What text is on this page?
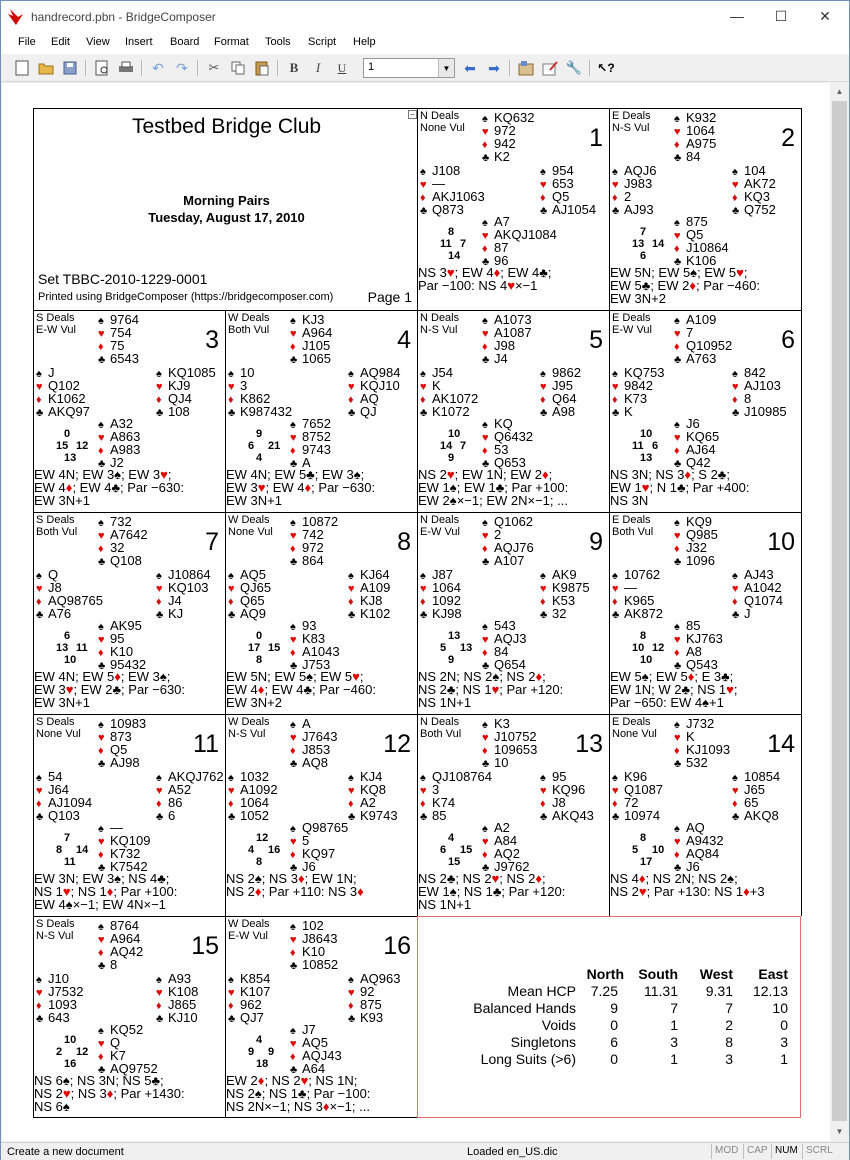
handrecord.pbn - BridgeComposer	— ☐ ✕
File Edit View Insert Board Format Tools Script Help
↶ ↷ ✂	B I U	1	▼ ⬅ ➡	🔧 ↖?
Testbed Bridge Club
Morning Pairs
Tuesday, August 17, 2010
Set TBBC-2010-1229-0001
Printed using BridgeComposer (https://bridgecomposer.com) Page 1
− N Deals
None Vul	1
♠ KQ632
♥ 972
♦ 942
♣ K2
♠ J108
♥ —
♦ AKJ1063
♣ Q873
♠ 954
♥ 653
♦ Q5
♣ AJ1054
♠ A7
♥ AKQJ1084
♦ 87
♣ 96
8
11 7
14
NS 3♥; EW 4♦; EW 4♣;
Par −100: NS 4♥×−1
E Deals
N-S Vul	2
♠ K932
♥ 1064
♦ A975
♣ 84
♠ AQJ6
♥ J983
♦ 2
♣ AJ93
♠ 104
♥ AK72
♦ KQ3
♣ Q752
♠ 875
♥ Q5
♦ J10864
♣ K106
7
13 14
6
EW 5N; EW 5♠; EW 5♥;
EW 5♣; EW 2♦; Par −460:
EW 3N+2
S Deals
E-W Vul	3
♠ 9764
♥ 754
♦ 75
♣ 6543
♠ J
♥ Q102
♦ K1062
♣ AKQ97
♠ KQ1085
♥ KJ9
♦ QJ4
♣ 108
♠ A32
♥ A863
♦ A983
♣ J2
0
15 12
13
EW 4N; EW 3♠; EW 3♥;
EW 4♦; EW 4♣; Par −630:
EW 3N+1
W Deals
Both Vul	4
♠ KJ3
♥ A964
♦ J105
♣ 1065
♠ 10
♥ 3
♦ K862
♣ K987432
♠ AQ984
♥ KQJ10
♦ AQ
♣ QJ
♠ 7652
♥ 8752
♦ 9743
♣ A
9
6 21
4
EW 4N; EW 5♣; EW 3♠;
EW 3♥; EW 4♦; Par −630:
EW 3N+1
N Deals
N-S Vul	5
♠ A1073
♥ A1087
♦ J98
♣ J4
♠ J54
♥ K
♦ AK1072
♣ K1072
♠ 9862
♥ J95
♦ Q64
♣ A98
♠ KQ
♥ Q6432
♦ 53
♣ Q653
10
14 7
9
NS 2♥; EW 1N; EW 2♦;
EW 1♠; EW 1♣; Par +100:
EW 2♠×−1; EW 2N×−1; ...
E Deals
E-W Vul	6
♠ A109
♥ 7
♦ Q10952
♣ A763
♠ KQ753
♥ 9842
♦ K73
♣ K
♠ 842
♥ AJ103
♦ 8
♣ J10985
♠ J6
♥ KQ65
♦ AJ64
♣ Q42
10
11 6
13
NS 3N; NS 3♦; S 2♣;
EW 1♥; N 1♣; Par +400:
NS 3N
S Deals
Both Vul	7
♠ 732
♥ A7642
♦ 32
♣ Q108
♠ Q
♥ J8
♦ AQ98765
♣ A76
♠ J10864
♥ KQ103
♦ J4
♣ KJ
♠ AK95
♥ 95
♦ K10
♣ 95432
6
13 11
10
EW 4N; EW 5♦; EW 3♠;
EW 3♥; EW 2♣; Par −630:
EW 3N+1
W Deals
None Vul	8
♠ 10872
♥ 742
♦ 972
♣ 864
♠ AQ5
♥ QJ65
♦ Q65
♣ AQ9
♠ KJ64
♥ A109
♦ KJ8
♣ K102
♠ 93
♥ K83
♦ A1043
♣ J753
0
17 15
8
EW 5N; EW 5♠; EW 5♥;
EW 4♦; EW 4♣; Par −460:
EW 3N+2
N Deals
E-W Vul	9
♠ Q1062
♥ 2
♦ AQJ76
♣ A107
♠ J87
♥ 1064
♦ 1092
♣ KJ98
♠ AK9
♥ K9875
♦ K53
♣ 32
♠ 543
♥ AQJ3
♦ 84
♣ Q654
13
5 13
9
NS 2N; NS 2♠; NS 2♦;
NS 2♣; NS 1♥; Par +120:
NS 1N+1
E Deals
Both Vul	10
♠ KQ9
♥ Q985
♦ J32
♣ 1096
♠ 10762
♥ —
♦ K965
♣ AK872
♠ AJ43
♥ A1042
♦ Q1074
♣ J
♠ 85
♥ KJ763
♦ A8
♣ Q543
8
10 12
10
EW 5♠; EW 5♦; E 3♣;
EW 1N; W 2♣; NS 1♥;
Par −650: EW 4♠+1
S Deals
None Vul	11
♠ 10983
♥ 873
♦ Q5
♣ AJ98
♠ 54
♥ J64
♦ AJ1094
♣ Q103
♠ AKQJ762
♥ A52
♦ 86
♣ 6
♠ —
♥ KQ109
♦ K732
♣ K7542
7
8 14
11
EW 3N; EW 3♠; NS 4♣;
NS 1♥; NS 1♦; Par +100:
EW 4♠×−1; EW 4N×−1
W Deals
N-S Vul	12
♠ A
♥ J7643
♦ J853
♣ AQ8
♠ 1032
♥ A1092
♦ 1064
♣ 1052
♠ KJ4
♥ KQ8
♦ A2
♣ K9743
♠ Q98765
♥ 5
♦ KQ97
♣ J6
12
4 16
8
NS 2♠; NS 3♦; EW 1N;
NS 2♦; Par +110: NS 3♦
N Deals
Both Vul	13
♠ K3
♥ J10752
♦ 109653
♣ 10
♠ QJ108764
♥ 3
♦ K74
♣ 85
♠ 95
♥ KQ96
♦ J8
♣ AKQ43
♠ A2
♥ A84
♦ AQ2
♣ J9762
4
6 15
15
NS 2♣; NS 2♥; NS 2♦;
EW 1♠; NS 1♣; Par +120:
NS 1N+1
E Deals
None Vul	14
♠ J732
♥ K
♦ KJ1093
♣ 532
♠ K96
♥ Q1087
♦ 72
♣ 10974
♠ 10854
♥ J65
♦ 65
♣ AKQ8
♠ AQ
♥ A9432
♦ AQ84
♣ J6
8
5 10
17
NS 4♦; NS 2N; NS 2♠;
NS 2♥; Par +130: NS 1♦+3
S Deals
N-S Vul	15
♠ 8764
♥ A964
♦ AQ42
♣ 8
♠ J10
♥ J7532
♦ 1093
♣ 643
♠ A93
♥ K108
♦ J865
♣ KJ10
♠ KQ52
♥ Q
♦ K7
♣ AQ9752
10
2 12
16
NS 6♠; NS 3N; NS 5♣;
NS 2♥; NS 3♦; Par +1430:
NS 6♠
W Deals
E-W Vul	16
♠ 102
♥ J8643
♦ K10
♣ 10852
♠ K854
♥ K107
♦ 962
♣ QJ7
♠ AQ963
♥ 92
♦ 875
♣ K93
♠ J7
♥ AQ5
♦ AQJ43
♣ A64
4
9 9
18
EW 2♦; NS 2♥; NS 1N;
NS 2♠; NS 1♣; Par −100:
NS 2N×−1; NS 3♦×−1; ...
	North	South	West	East
Mean HCP	7.25	11.31	9.31	12.13
Balanced Hands	9	7	7	10
Voids	0	1	2	0
Singletons	6	3	8	3
Long Suits (>6)	0	1	3	1
▲
▼
Create a new document	Loaded en_US.dic	MOD CAP NUM SCRL
